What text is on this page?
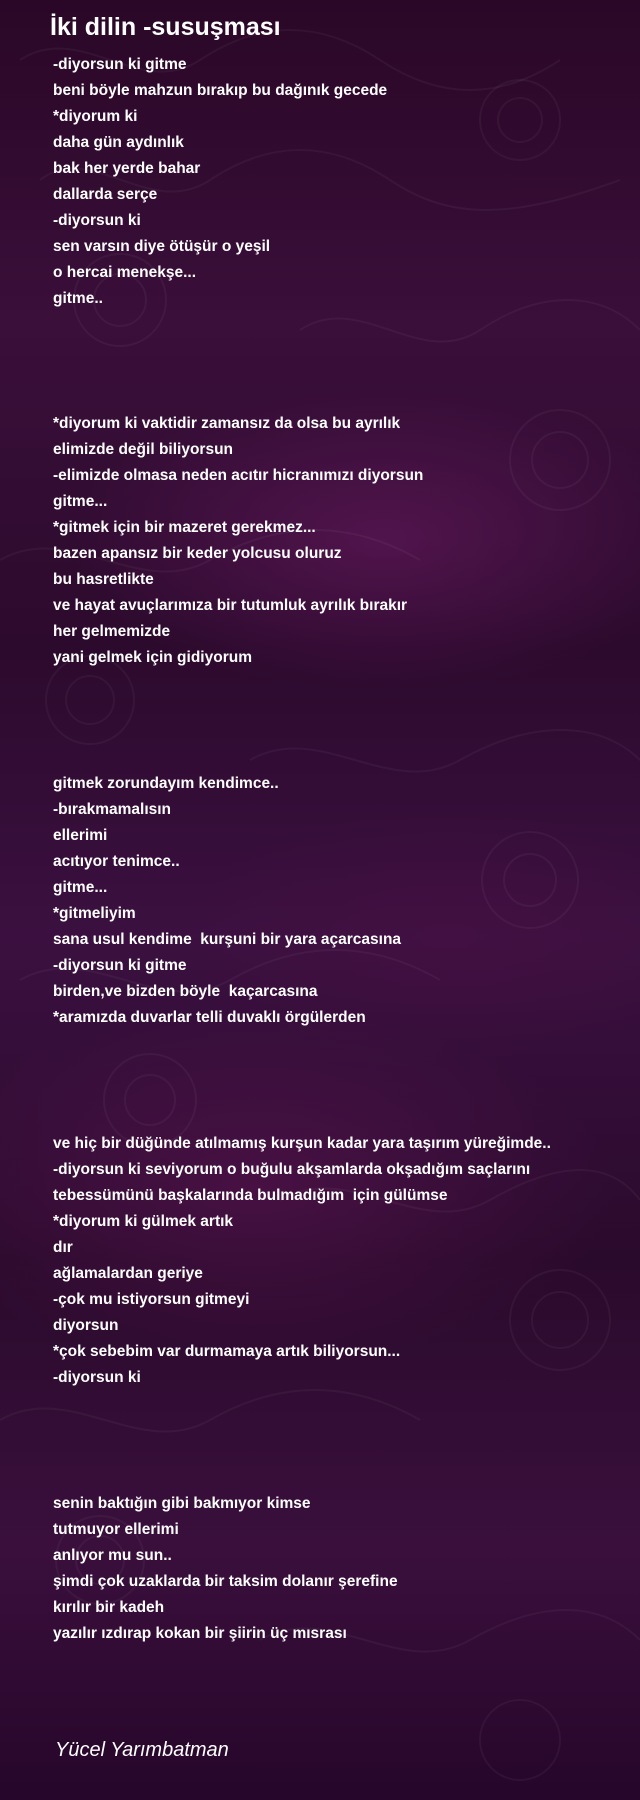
İki dilin -susuşması
-diyorsun ki gitme
beni böyle mahzun bırakıp bu dağınık gecede
*diyorum ki
daha gün aydınlık
bak her yerde bahar
dallarda serçe
-diyorsun ki
sen varsın diye ötüşür o yeşil
o hercai menekşe...
gitme..
*diyorum ki vaktidir zamansız da olsa bu ayrılık
elimizde değil biliyorsun
-elimizde olmasa neden acıtır hicranımızı diyorsun
gitme...
*gitmek için bir mazeret gerekmez...
bazen apansız bir keder yolcusu oluruz
bu hasretlikte
ve hayat avuçlarımıza bir tutumluk ayrılık bırakır
her gelmemizde
yani gelmek için gidiyorum
gitmek zorundayım kendimce..
-bırakmamalısın
ellerimi
acıtıyor tenimce..
gitme...
*gitmeliyim
sana usul kendime  kurşuni bir yara açarcasına
-diyorsun ki gitme
birden,ve bizden böyle  kaçarcasına
*aramızda duvarlar telli duvaklı örgülerden
ve hiç bir düğünde atılmamış kurşun kadar yara taşırım yüreğimde..
-diyorsun ki seviyorum o buğulu akşamlarda okşadığım saçlarını
tebessümünü başkalarında bulmadığım  için gülümse
*diyorum ki gülmek artık
dır
ağlamalardan geriye
-çok mu istiyorsun gitmeyi
diyorsun
*çok sebebim var durmamaya artık biliyorsun...
-diyorsun ki
senin baktığın gibi bakmıyor kimse
tutmuyor ellerimi
anlıyor mu sun..
şimdi çok uzaklarda bir taksim dolanır şerefine
kırılır bir kadeh
yazılır ızdırap kokan bir şiirin üç mısrası
Yücel Yarımbatman
